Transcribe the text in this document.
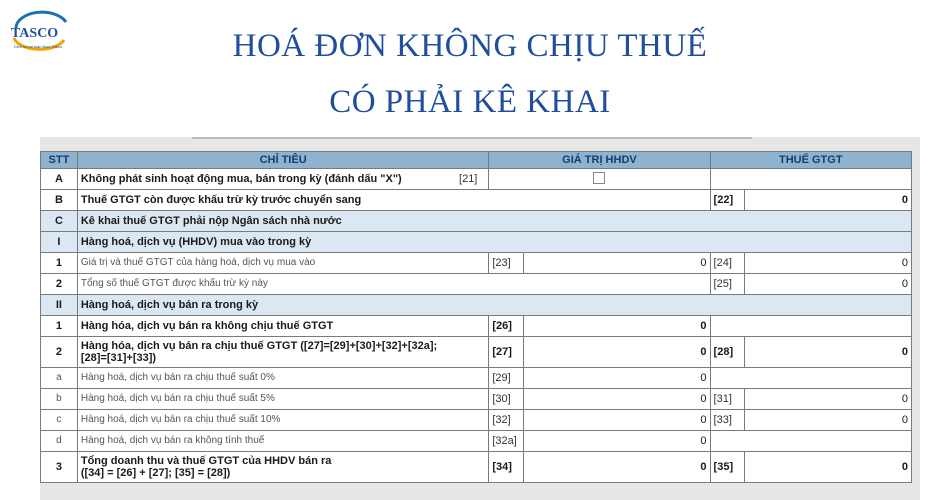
TASCO
Dịch vụ kế toán thuế Tasco	HOÁ ĐƠN KHÔNG CHỊU THUẾ
CÓ PHẢI KÊ KHAI
STT	CHỈ TIÊU	GIÁ TRỊ HHDV		THUẾ GTGT	
A	Không phát sinh hoạt động mua, bán trong kỳ (đánh dấu "X") [21]				

B	Thuế GTGT còn được khấu trừ kỳ trước chuyển sang			[22]	0
C	Kê khai thuế GTGT phải nộp Ngân sách nhà nước				
I	Hàng hoá, dịch vụ (HHDV) mua vào trong kỳ				
1	Giá trị và thuế GTGT của hàng hoá, dịch vụ mua vào	[23]	0	[24]	0
2	Tổng số thuế GTGT được khấu trừ kỳ này			[25]	0
II	Hàng hoá, dịch vụ bán ra trong kỳ				
1	Hàng hóa, dịch vụ bán ra không chịu thuế GTGT	[26]	0		
2	Hàng hóa, dịch vụ bán ra chịu thuế GTGT ([27]=[29]+[30]+[32]+[32a];
[28]=[31]+[33])	[27]	0	[28]	0
a	Hàng hoá, dịch vụ bán ra chịu thuế suất 0%	[29]	0		
b	Hàng hoá, dịch vụ bán ra chịu thuế suất 5%	[30]	0	[31]	0
c	Hàng hoá, dịch vụ bán ra chịu thuế suất 10%	[32]	0	[33]	0
d	Hàng hoá, dịch vụ bán ra không tính thuế	[32a]	0		
3	Tổng doanh thu và thuế GTGT của HHDV bán ra
([34] = [26] + [27]; [35] = [28])	[34]	0	[35]	0
